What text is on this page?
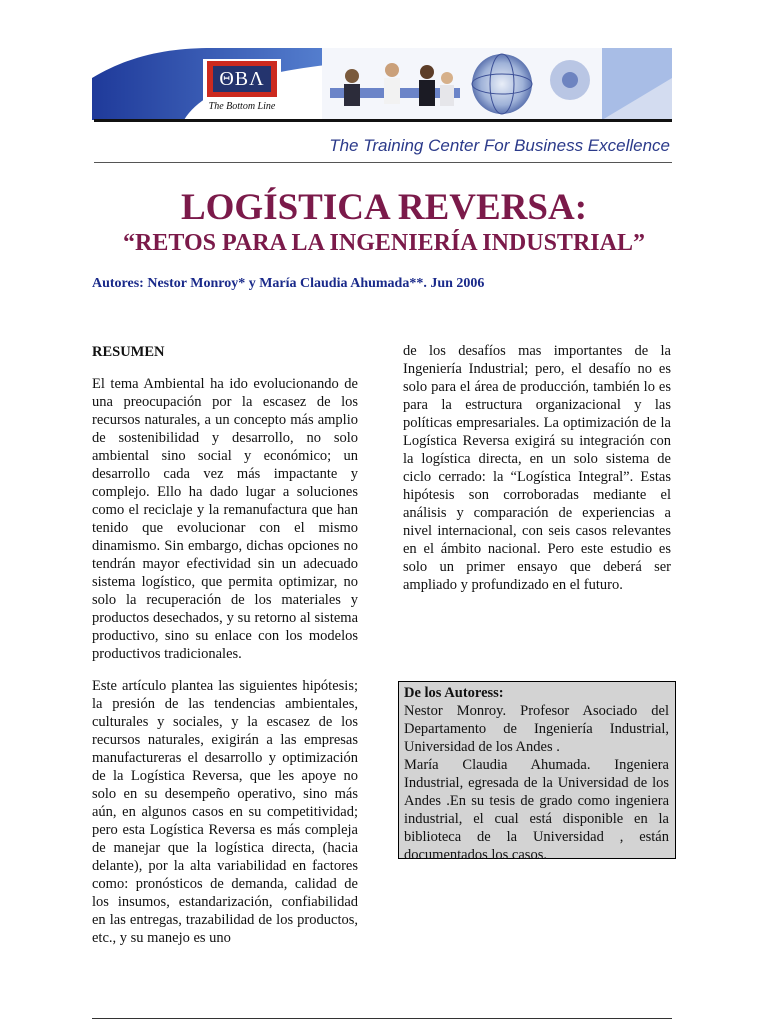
ΘΒΛ
The Bottom Line
The Training Center For Business Excellence
LOGÍSTICA REVERSA:
“RETOS PARA LA INGENIERÍA INDUSTRIAL”
Autores: Nestor Monroy* y María Claudia Ahumada**. Jun 2006
RESUMEN

El tema Ambiental ha ido evolucionando de una preocupación por la escasez de los recursos naturales, a un concepto más amplio de sostenibilidad y desarrollo, no solo ambiental sino social y económico; un desarrollo cada vez más impactante y complejo. Ello ha dado lugar a soluciones como el reciclaje y la remanufactura que han tenido que evolucionar con el mismo dinamismo. Sin embargo, dichas opciones no tendrán mayor efectividad sin un adecuado sistema logístico, que permita optimizar, no solo la recuperación de los materiales y productos desechados, y su retorno al sistema productivo, sino su enlace con los modelos productivos tradicionales.

Este artículo plantea las siguientes hipótesis; la presión de las tendencias ambientales, culturales y sociales, y la escasez de los recursos naturales, exigirán a las empresas manufactureras el desarrollo y optimización de la Logística Reversa, que les apoye no solo en su desempeño operativo, sino más aún, en algunos casos en su competitividad; pero esta Logística Reversa es más compleja de manejar que la logística directa, (hacia delante), por la alta variabilidad en factores como: pronósticos de demanda, calidad de los insumos, estandarización, confiabilidad en las entregas, trazabilidad de los productos, etc., y su manejo es uno

de los desafíos mas importantes de la Ingeniería Industrial; pero, el desafío no es solo para el área de producción, también lo es para la estructura organizacional y las políticas empresariales. La optimización de la Logística Reversa exigirá su integración con la logística directa, en un solo sistema de ciclo cerrado: la “Logística Integral”. Estas hipótesis son corroboradas mediante el análisis y comparación de experiencias a nivel internacional, con seis casos relevantes en el ámbito nacional. Pero este estudio es solo un primer ensayo que deberá ser ampliado y profundizado en el futuro.

De los Autoress:
Nestor Monroy. Profesor Asociado del Departamento de Ingeniería Industrial, Universidad de los Andes .
María Claudia Ahumada. Ingeniera Industrial, egresada de la Universidad de los Andes .En su tesis de grado como ingeniera industrial, el cual está disponible en la biblioteca de la Universidad , están documentados los casos.
